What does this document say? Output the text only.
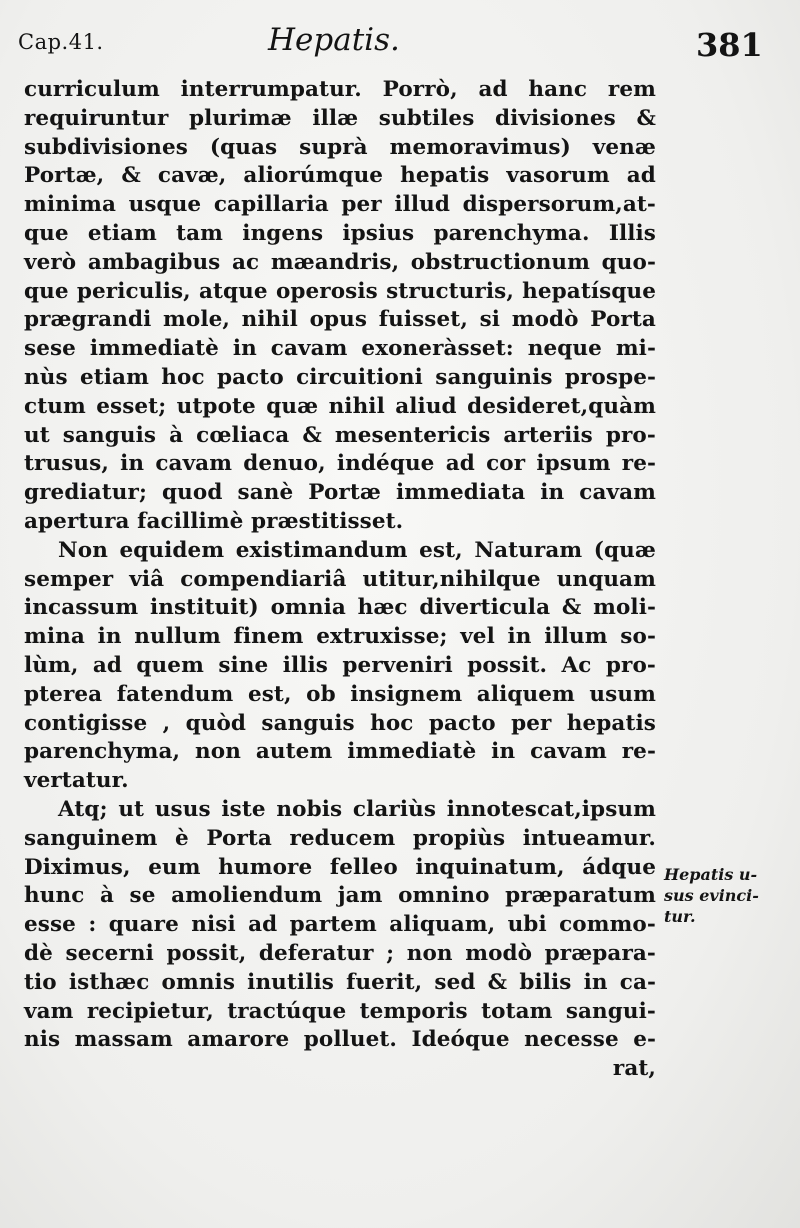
Cap.41.	Hepatis.	381
curriculum interrumpatur. Porrò, ad hanc rem
requiruntur plurimæ illæ subtiles divisiones &
subdivisiones (quas suprà memoravimus) venæ
Portæ, & cavæ, aliorúmque hepatis vasorum ad
minima usque capillaria per illud dispersorum,at-
que etiam tam ingens ipsius parenchyma. Illis
verò ambagibus ac mæandris, obstructionum quo-
que periculis, atque operosis structuris, hepatísque
prægrandi mole, nihil opus fuisset, si modò Porta
sese immediatè in cavam exoneràsset: neque mi-
nùs etiam hoc pacto circuitioni sanguinis prospe-
ctum esset; utpote quæ nihil aliud desideret,quàm
ut sanguis à cœliaca & mesentericis arteriis pro-
trusus, in cavam denuo, indéque ad cor ipsum re-
grediatur; quod sanè Portæ immediata in cavam
apertura facillimè præstitisset.
Non equidem existimandum est, Naturam (quæ
semper viâ compendiariâ utitur,nihilque unquam
incassum instituit) omnia hæc diverticula & moli-
mina in nullum finem extruxisse; vel in illum so-
lùm, ad quem sine illis perveniri possit. Ac pro-
pterea fatendum est, ob insignem aliquem usum
contigisse , quòd sanguis hoc pacto per hepatis
parenchyma, non autem immediatè in cavam re-
vertatur.
Atq; ut usus iste nobis clariùs innotescat,ipsum
sanguinem è Porta reducem propiùs intueamur.
Diximus, eum humore felleo inquinatum, ádque
hunc à se amoliendum jam omnino præparatum
esse : quare nisi ad partem aliquam, ubi commo-
dè secerni possit, deferatur ; non modò præpara-
tio isthæc omnis inutilis fuerit, sed & bilis in ca-
vam recipietur, tractúque temporis totam sangui-
nis massam amarore polluet. Ideóque necesse e-
rat,
Hepatis u-
sus evinci-
tur.
